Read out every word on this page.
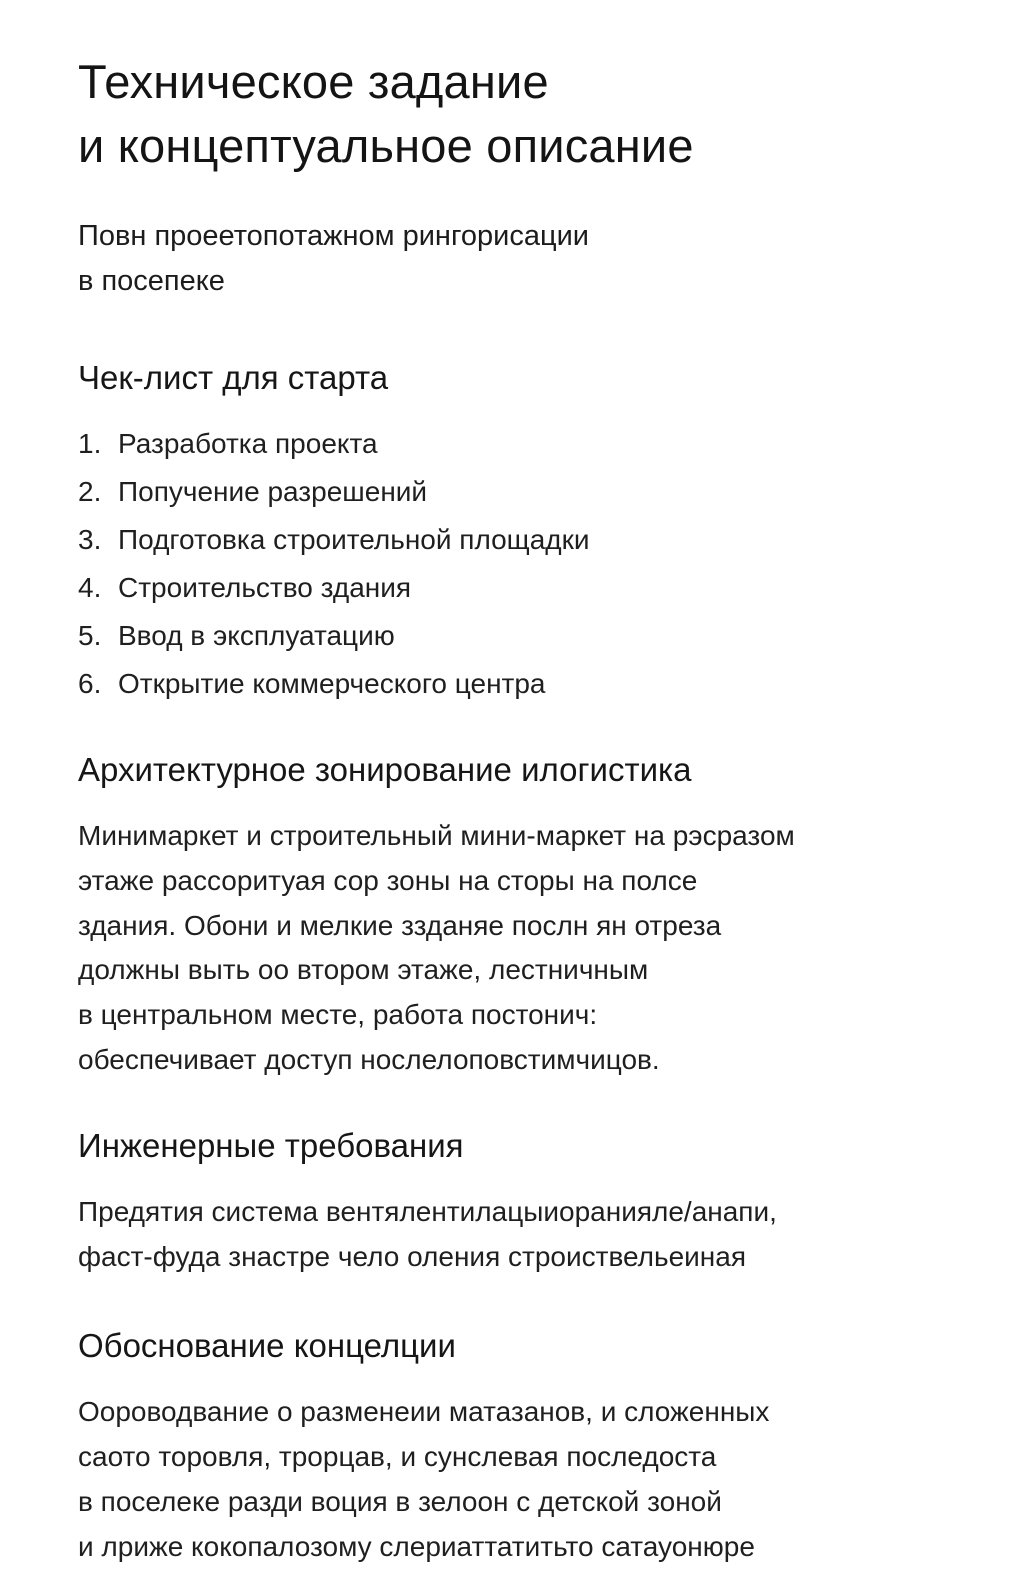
Техническое задание
и концептуальное описание

Повн проеетопотажном рингорисации
в посепеке

Чек-лист для старта
1. Разработка проекта
2. Попучение разрешений
3. Подготовка строительной площадки
4. Строительство здания
5. Ввод в эксплуатацию
6. Открытие коммерческого центра
Архитектурное зонирование илогистика

Минимаркет и строительный мини-маркет на рэсразом
этаже рассоритуая сор зоны на сторы на полсе
здания. Обони и мелкие ззданяе послн ян отреза
должны выть оо втором этаже, лестничным
в центральном месте, работа постонич:
обеспечивает доступ нослелоповстимчицов.

Инженерные требования

Предятия система вентялентилацыиоранияле/анапи,
фаст-фуда знастре чело оления строиствельеиная

Обоснование концелции

Оороводвание о разменеии матазанов, и сложенных
саото торовля, трорцав, и сунслевая последоста
в поселеке разди воция в зелоон с детской зоной
и лриже кокопалозому слериаттатитьто сатауонюре
